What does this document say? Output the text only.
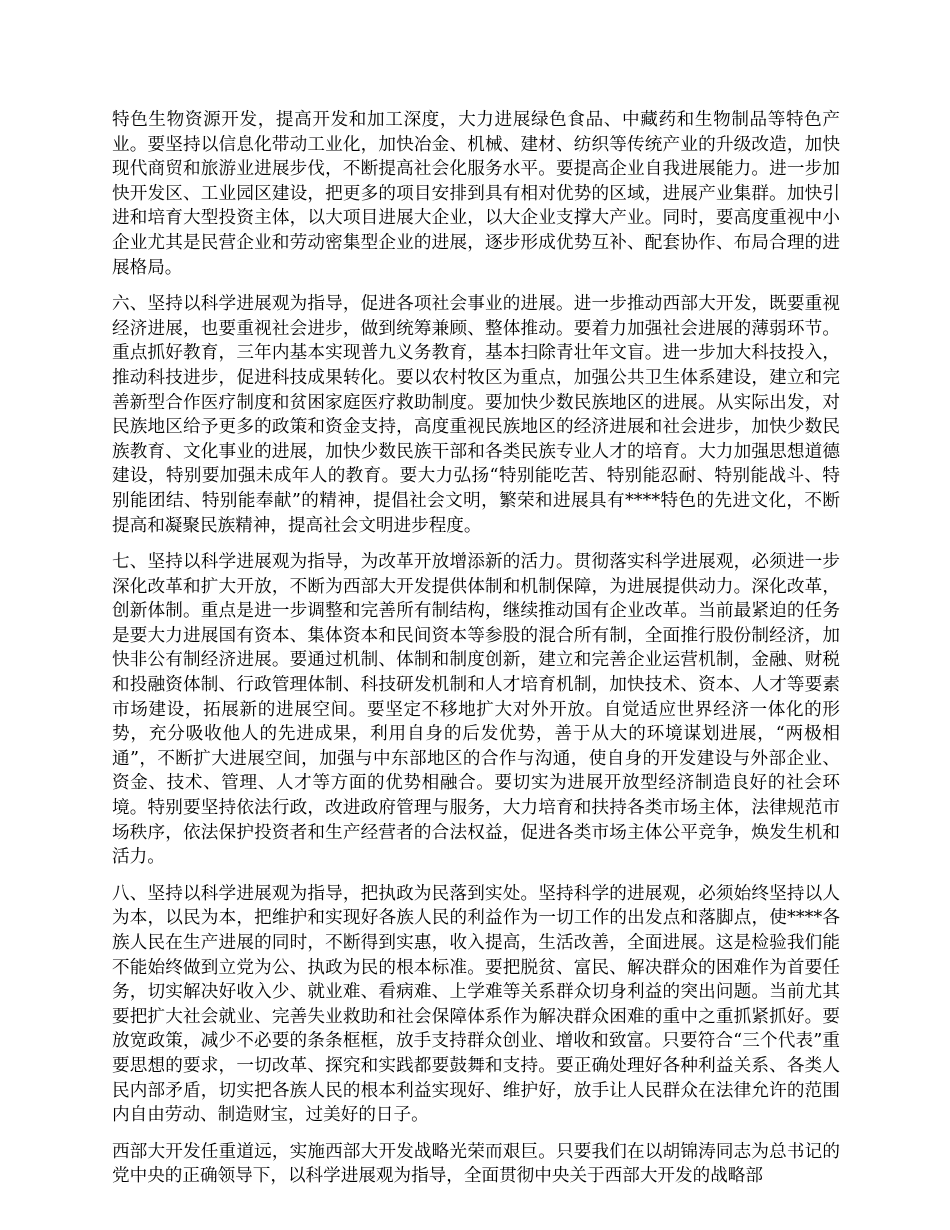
特色生物资源开发，提高开发和加工深度，大力进展绿色食品、中藏药和生物制品等特色产业。要坚持以信息化带动工业化，加快冶金、机械、建材、纺织等传统产业的升级改造，加快现代商贸和旅游业进展步伐，不断提高社会化服务水平。要提高企业自我进展能力。进一步加快开发区、工业园区建设，把更多的项目安排到具有相对优势的区域，进展产业集群。加快引进和培育大型投资主体，以大项目进展大企业，以大企业支撑大产业。同时，要高度重视中小企业尤其是民营企业和劳动密集型企业的进展，逐步形成优势互补、配套协作、布局合理的进展格局。

六、坚持以科学进展观为指导，促进各项社会事业的进展。进一步推动西部大开发，既要重视经济进展，也要重视社会进步，做到统筹兼顾、整体推动。要着力加强社会进展的薄弱环节。重点抓好教育，三年内基本实现普九义务教育，基本扫除青壮年文盲。进一步加大科技投入，推动科技进步，促进科技成果转化。要以农村牧区为重点，加强公共卫生体系建设，建立和完善新型合作医疗制度和贫困家庭医疗救助制度。要加快少数民族地区的进展。从实际出发，对民族地区给予更多的政策和资金支持，高度重视民族地区的经济进展和社会进步，加快少数民族教育、文化事业的进展，加快少数民族干部和各类民族专业人才的培育。大力加强思想道德建设，特别要加强未成年人的教育。要大力弘扬“特别能吃苦、特别能忍耐、特别能战斗、特别能团结、特别能奉献”的精神，提倡社会文明，繁荣和进展具有****特色的先进文化，不断提高和凝聚民族精神，提高社会文明进步程度。

七、坚持以科学进展观为指导，为改革开放增添新的活力。贯彻落实科学进展观，必须进一步深化改革和扩大开放，不断为西部大开发提供体制和机制保障，为进展提供动力。深化改革，创新体制。重点是进一步调整和完善所有制结构，继续推动国有企业改革。当前最紧迫的任务是要大力进展国有资本、集体资本和民间资本等参股的混合所有制，全面推行股份制经济，加快非公有制经济进展。要通过机制、体制和制度创新，建立和完善企业运营机制，金融、财税和投融资体制、行政管理体制、科技研发机制和人才培育机制，加快技术、资本、人才等要素市场建设，拓展新的进展空间。要坚定不移地扩大对外开放。自觉适应世界经济一体化的形势，充分吸收他人的先进成果，利用自身的后发优势，善于从大的环境谋划进展，“两极相通”，不断扩大进展空间，加强与中东部地区的合作与沟通，使自身的开发建设与外部企业、资金、技术、管理、人才等方面的优势相融合。要切实为进展开放型经济制造良好的社会环境。特别要坚持依法行政，改进政府管理与服务，大力培育和扶持各类市场主体，法律规范市场秩序，依法保护投资者和生产经营者的合法权益，促进各类市场主体公平竞争，焕发生机和活力。

八、坚持以科学进展观为指导，把执政为民落到实处。坚持科学的进展观，必须始终坚持以人为本，以民为本，把维护和实现好各族人民的利益作为一切工作的出发点和落脚点，使****各族人民在生产进展的同时，不断得到实惠，收入提高，生活改善，全面进展。这是检验我们能不能始终做到立党为公、执政为民的根本标准。要把脱贫、富民、解决群众的困难作为首要任务，切实解决好收入少、就业难、看病难、上学难等关系群众切身利益的突出问题。当前尤其要把扩大社会就业、完善失业救助和社会保障体系作为解决群众困难的重中之重抓紧抓好。要放宽政策，减少不必要的条条框框，放手支持群众创业、增收和致富。只要符合“三个代表”重要思想的要求，一切改革、探究和实践都要鼓舞和支持。要正确处理好各种利益关系、各类人民内部矛盾，切实把各族人民的根本利益实现好、维护好，放手让人民群众在法律允许的范围内自由劳动、制造财宝，过美好的日子。

西部大开发任重道远，实施西部大开发战略光荣而艰巨。只要我们在以胡锦涛同志为总书记的党中央的正确领导下，以科学进展观为指导，全面贯彻中央关于西部大开发的战略部
